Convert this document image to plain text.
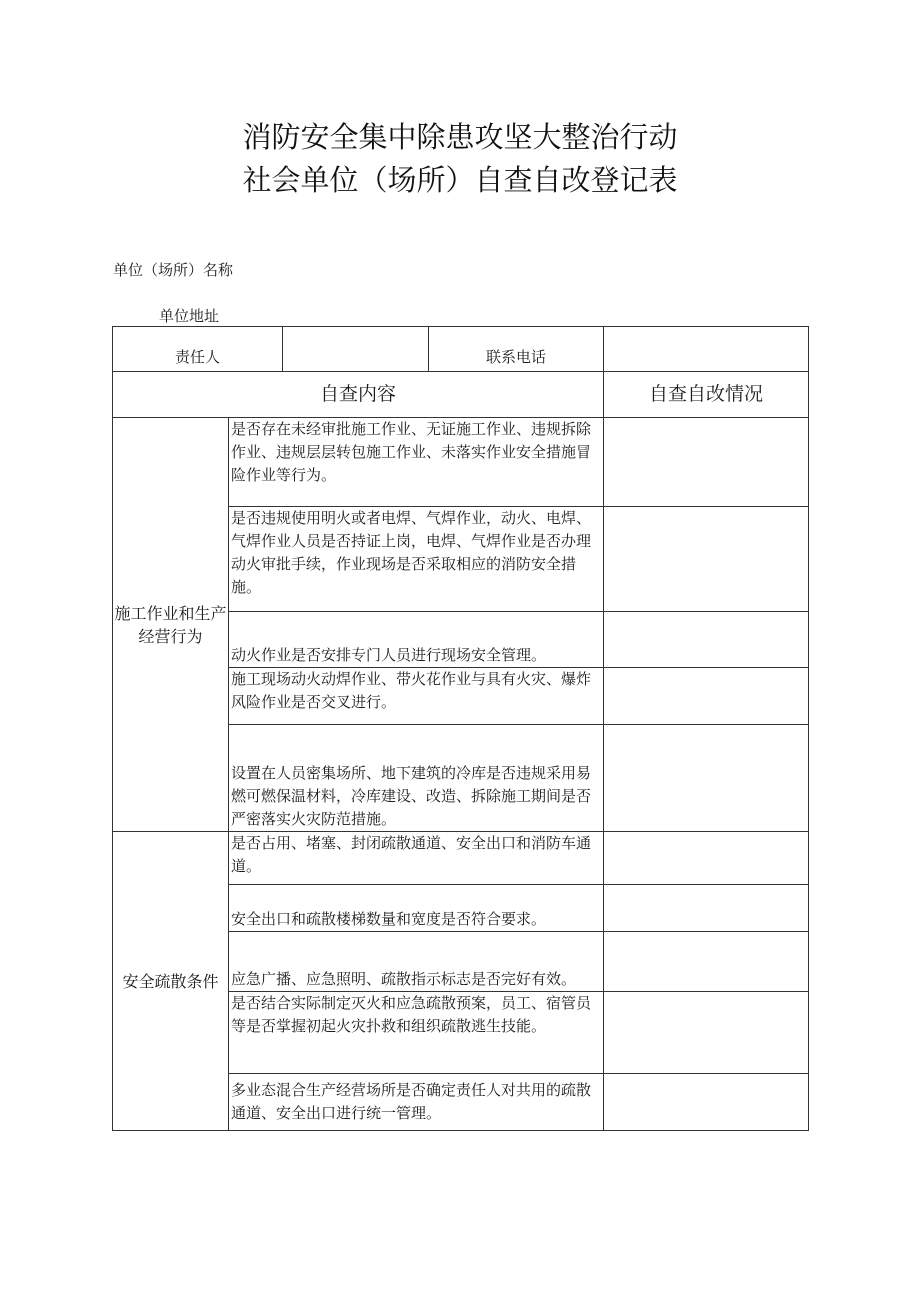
消防安全集中除患攻坚大整治行动
社会单位（场所）自查自改登记表
单位（场所）名称
单位地址
责任人			联系电话	
自查内容				自查自改情况
施工作业和生产经营行为	是否存在未经审批施工作业、无证施工作业、违规拆除作业、违规层层转包施工作业、未落实作业安全措施冒险作业等行为。			
	是否违规使用明火或者电焊、气焊作业，动火、电焊、气焊作业人员是否持证上岗，电焊、气焊作业是否办理动火审批手续，作业现场是否采取相应的消防安全措施。			
	动火作业是否安排专门人员进行现场安全管理。			
	施工现场动火动焊作业、带火花作业与具有火灾、爆炸风险作业是否交叉进行。			
	设置在人员密集场所、地下建筑的冷库是否违规采用易燃可燃保温材料，冷库建设、改造、拆除施工期间是否严密落实火灾防范措施。			
安全疏散条件	是否占用、堵塞、封闭疏散通道、安全出口和消防车通道。			
	安全出口和疏散楼梯数量和宽度是否符合要求。			
	应急广播、应急照明、疏散指示标志是否完好有效。			
	是否结合实际制定灭火和应急疏散预案，员工、宿管员等是否掌握初起火灾扑救和组织疏散逃生技能。			
	多业态混合生产经营场所是否确定责任人对共用的疏散通道、安全出口进行统一管理。			
